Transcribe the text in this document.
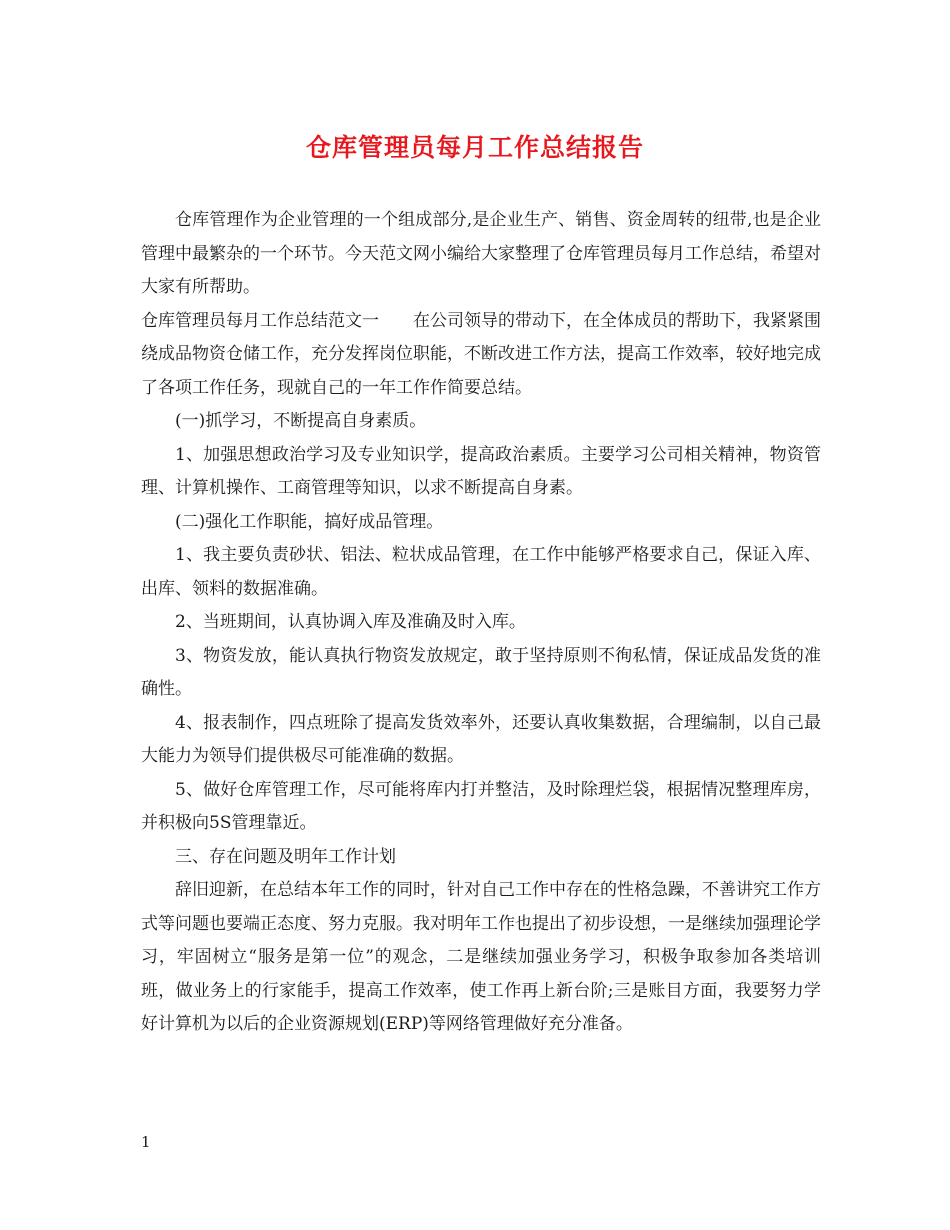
仓库管理员每月工作总结报告

仓库管理作为企业管理的一个组成部分,是企业生产、销售、资金周转的纽带,也是企业管理中最繁杂的一个环节。今天范文网小编给大家整理了仓库管理员每月工作总结，希望对大家有所帮助。

仓库管理员每月工作总结范文一 在公司领导的带动下，在全体成员的帮助下，我紧紧围绕成品物资仓储工作，充分发挥岗位职能，不断改进工作方法，提高工作效率，较好地完成了各项工作任务，现就自己的一年工作作简要总结。

(一)抓学习，不断提高自身素质。

1、加强思想政治学习及专业知识学，提高政治素质。主要学习公司相关精神，物资管理、计算机操作、工商管理等知识，以求不断提高自身素。

(二)强化工作职能，搞好成品管理。

1、我主要负责砂状、铝法、粒状成品管理，在工作中能够严格要求自己，保证入库、出库、领料的数据准确。

2、当班期间，认真协调入库及准确及时入库。

3、物资发放，能认真执行物资发放规定，敢于坚持原则不徇私情，保证成品发货的准确性。

4、报表制作，四点班除了提高发货效率外，还要认真收集数据，合理编制，以自己最大能力为领导们提供极尽可能准确的数据。

5、做好仓库管理工作，尽可能将库内打并整洁，及时除理烂袋，根据情况整理库房，并积极向5S管理靠近。

三、存在问题及明年工作计划

辞旧迎新，在总结本年工作的同时，针对自己工作中存在的性格急躁，不善讲究工作方式等问题也要端正态度、努力克服。我对明年工作也提出了初步设想，一是继续加强理论学习，牢固树立“服务是第一位”的观念，二是继续加强业务学习，积极争取参加各类培训班，做业务上的行家能手，提高工作效率，使工作再上新台阶;三是账目方面，我要努力学好计算机为以后的企业资源规划(ERP)等网络管理做好充分准备。

1
